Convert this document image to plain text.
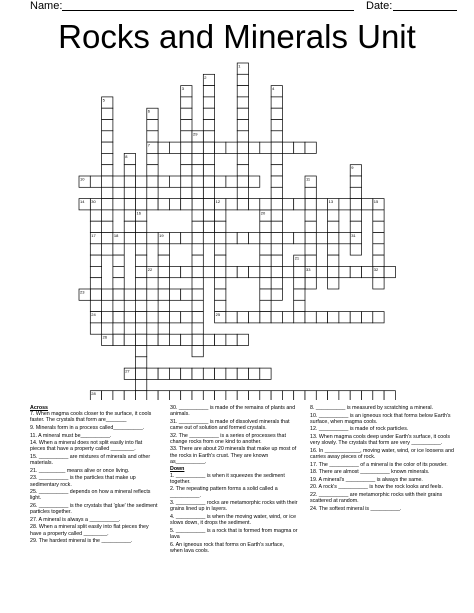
Name:	Date:
Rocks and Minerals Unit
1
2
3	4
5
6
7
8
9
10	11
12	13
14	15
16
17	18	19
20
21
22
23
24	25
26
27
28
29
30
31
32
33

Across

7. When magma cools closer to the surface, it cools faster. The crystals that form are_______

9. Minerals form in a process called__________.

11. A mineral must be__________.

14. When a mineral does not split easily into flat pieces that have a property called ________.

15. __________ are mixtures of minerals and other materials.

21. _________ means alive or once living.

23. __________ is the particles that make up sedimentary rock.

25. __________ depends on how a mineral reflects light.

26. __________ is the crystals that 'glue' the sediment particles together.

27. A mineral is always a __________.

28. When a mineral split easily into flat pieces they have a property called ________.

29. The hardest mineral is the __________.

30. __________ is made of the remains of plants and animals.

31. __________ is made of dissolved minerals that came out of solution and formed crystals.

32. The __________ is a series of processes that change rocks from one kind to another.

33. There are about 20 minerals that make up most of the rocks in Earth's crust. They are known as__________.

Down

1. __________ is when it squeezes the sediment together.

2. The repeating pattern forms a solid called a __________.

3. __________ rocks are metamorphic rocks with their grains lined up in layers.

4. __________ is when the moving water, wind, or ice slows down, it drops the sediment.

5. __________ is a rock that is formed from magma or lava

6. An igneous rock that forms on Earth's surface, when lava cools.

8. __________ is measured by scratching a mineral.

10. __________ is an igneous rock that forms below Earth's surface, when magma cools.

12. __________ is made of rock particles.

13. When magma cools deep under Earth's surface, it cools very slowly. The crystals that form are very __________.

16. In ____________, moving water, wind, or ice loosens and carries away pieces of rock.

17. The __________ of a mineral is the color of its powder.

18. There are almost __________ known minerals.

19. A mineral's __________ is always the same.

20. A rock's __________ is how the rock looks and feels.

22. __________ are metamorphic rocks with their grains scattered at random.

24. The softest mineral is __________.
